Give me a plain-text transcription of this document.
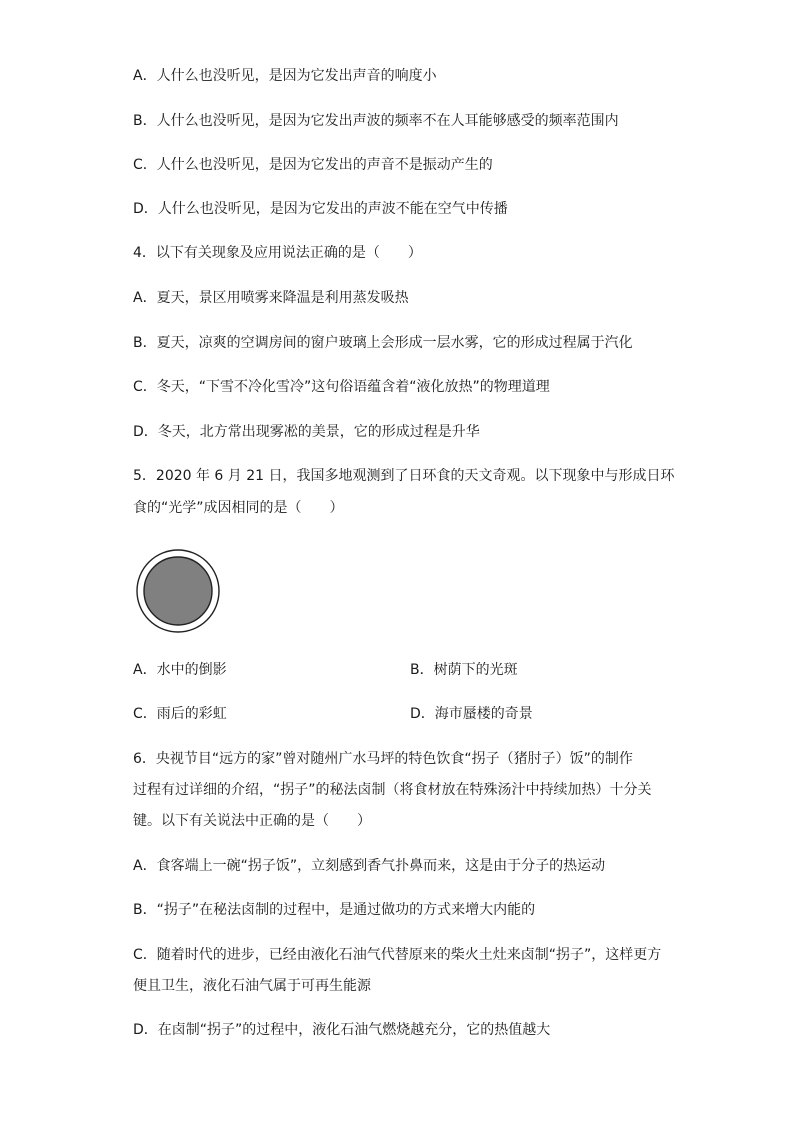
A．人什么也没听见，是因为它发出声音的响度小
B．人什么也没听见，是因为它发出声波的频率不在人耳能够感受的频率范围内
C．人什么也没听见，是因为它发出的声音不是振动产生的
D．人什么也没听见，是因为它发出的声波不能在空气中传播
4．以下有关现象及应用说法正确的是（　　）
A．夏天，景区用喷雾来降温是利用蒸发吸热
B．夏天，凉爽的空调房间的窗户玻璃上会形成一层水雾，它的形成过程属于汽化
C．冬天，“下雪不冷化雪冷”这句俗语蕴含着“液化放热”的物理道理
D．冬天，北方常出现雾凇的美景，它的形成过程是升华
5．2020 年 6 月 21 日，我国多地观测到了日环食的天文奇观。以下现象中与形成日环
食的“光学”成因相同的是（　　）
A．水中的倒影	B．树荫下的光斑
C．雨后的彩虹	D．海市蜃楼的奇景
6．央视节目“远方的家”曾对随州广水马坪的特色饮食“拐子（猪肘子）饭”的制作
过程有过详细的介绍，“拐子”的秘法卤制（将食材放在特殊汤汁中持续加热）十分关
键。以下有关说法中正确的是（　　）
A．食客端上一碗“拐子饭”，立刻感到香气扑鼻而来，这是由于分子的热运动
B．“拐子”在秘法卤制的过程中，是通过做功的方式来增大内能的
C．随着时代的进步，已经由液化石油气代替原来的柴火土灶来卤制“拐子”，这样更方
便且卫生，液化石油气属于可再生能源
D．在卤制“拐子”的过程中，液化石油气燃烧越充分，它的热值越大
